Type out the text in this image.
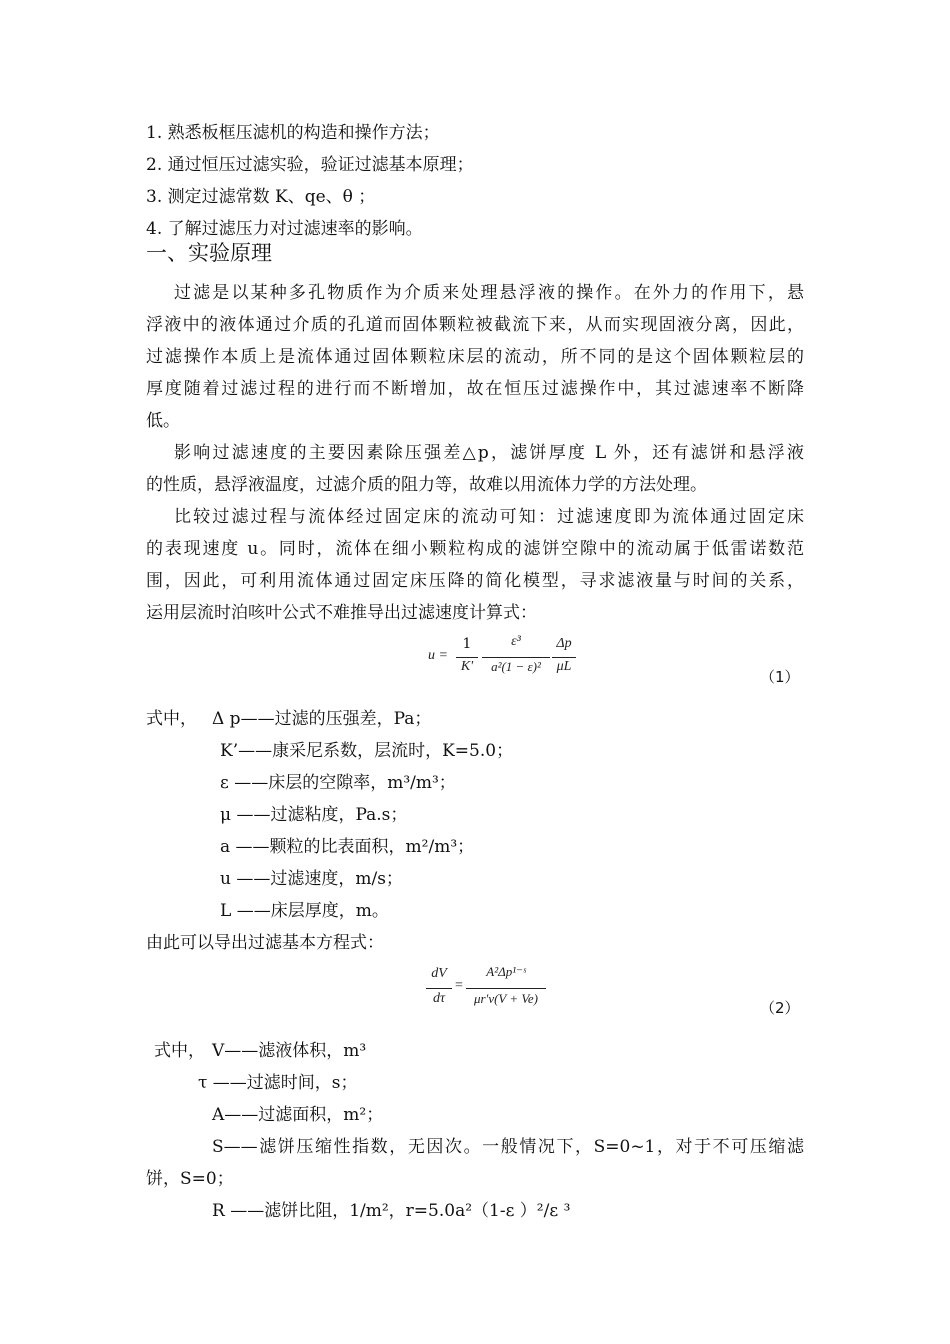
1. 熟悉板框压滤机的构造和操作方法；
2. 通过恒压过滤实验，验证过滤基本原理；
3. 测定过滤常数 K、qe、θ ；
4. 了解过滤压力对过滤速率的影响。
一、实验原理
过滤是以某种多孔物质作为介质来处理悬浮液的操作。在外力的作用下，悬
浮液中的液体通过介质的孔道而固体颗粒被截流下来，从而实现固液分离，因此，
过滤操作本质上是流体通过固体颗粒床层的流动，所不同的是这个固体颗粒层的
厚度随着过滤过程的进行而不断增加，故在恒压过滤操作中，其过滤速率不断降
低。
影响过滤速度的主要因素除压强差△p，滤饼厚度 L 外，还有滤饼和悬浮液
的性质，悬浮液温度，过滤介质的阻力等，故难以用流体力学的方法处理。
比较过滤过程与流体经过固定床的流动可知：过滤速度即为流体通过固定床
的表现速度 u。同时，流体在细小颗粒构成的滤饼空隙中的流动属于低雷诺数范
围，因此，可利用流体通过固定床压降的简化模型，寻求滤液量与时间的关系，
运用层流时泊咳叶公式不难推导出过滤速度计算式：
u =
1
K'
ε³
a²(1 − ε)²
Δp
μL
（1）
式中， Δ p——过滤的压强差，Pa；
K’——康采尼系数，层流时，K=5.0；
ε ——床层的空隙率，m³/m³；
μ ——过滤粘度，Pa.s；
a ——颗粒的比表面积，m²/m³；
u ——过滤速度，m/s；
L ——床层厚度，m。
由此可以导出过滤基本方程式：
dV
dτ
=
A²Δp¹⁻ˢ
μr'v(V + Ve)
（2）
式中， V——滤液体积，m³
τ ——过滤时间，s；
A——过滤面积，m²；
S——滤饼压缩性指数，无因次。一般情况下，S=0~1，对于不可压缩滤
饼，S=0；
R ——滤饼比阻，1/m²，r=5.0a²（1-ε ）²/ε ³
